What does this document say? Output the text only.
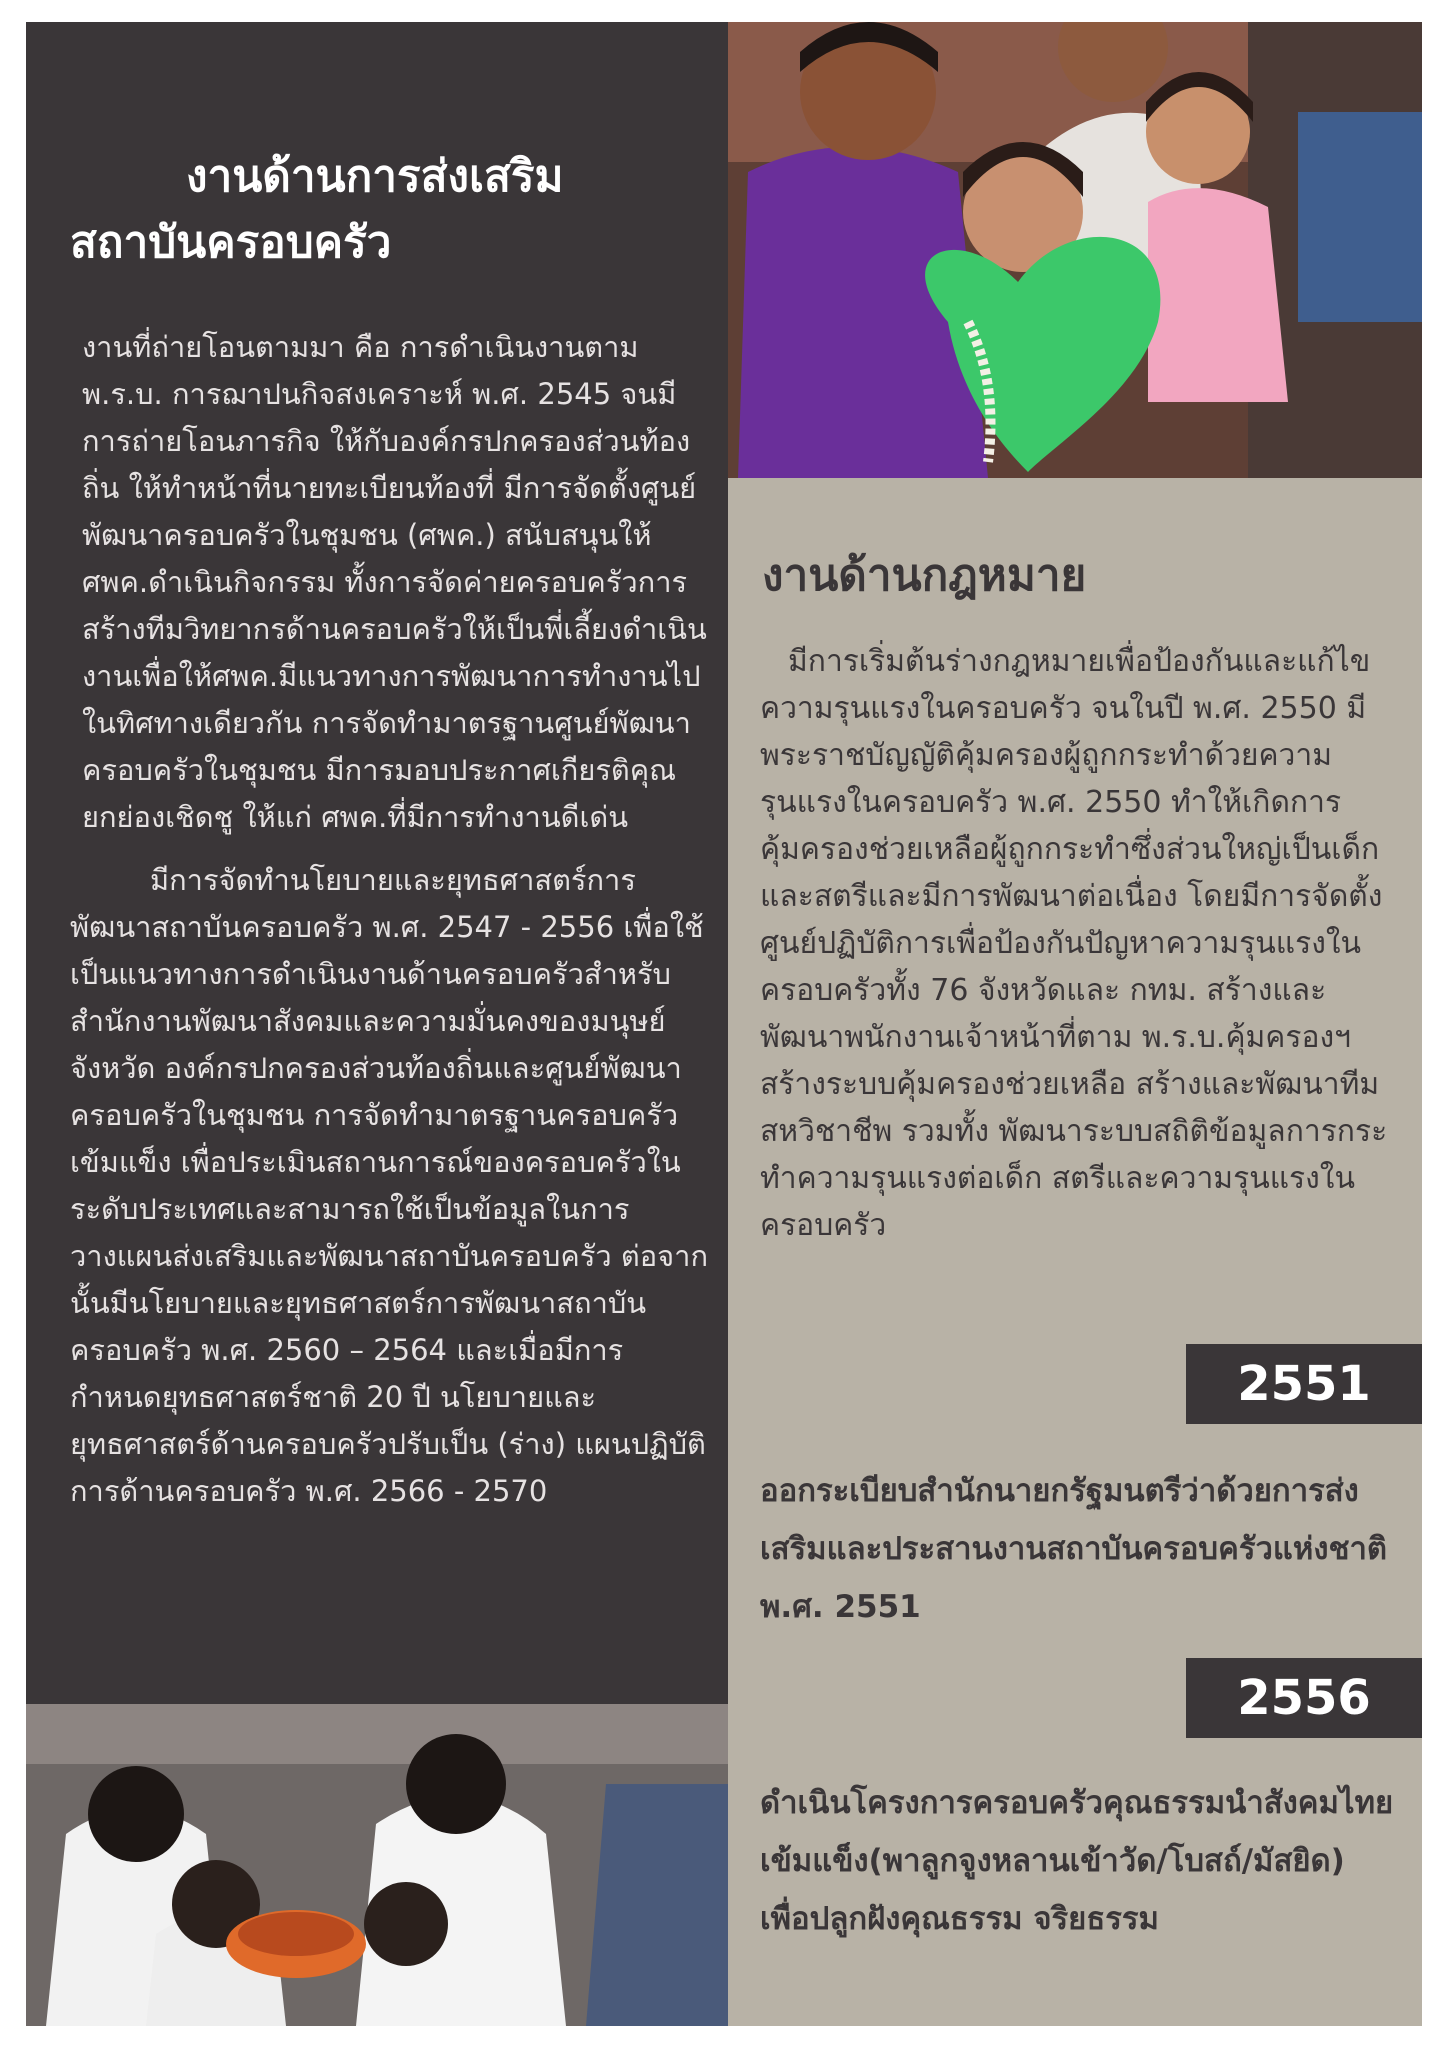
งานด้านการส่งเสริม
สถาบันครอบครัว

งานที่ถ่ายโอนตามมา คือ การดำเนินงานตาม พ.ร.บ. การฌาปนกิจสงเคราะห์ พ.ศ. 2545 จนมีการถ่ายโอนภารกิจ ให้กับองค์กรปกครองส่วนท้องถิ่น ให้ทำหน้าที่นายทะเบียนท้องที่ มีการจัดตั้งศูนย์พัฒนาครอบครัวในชุมชน (ศพค.) สนับสนุนให้ ศพค.ดำเนินกิจกรรม ทั้งการจัดค่ายครอบครัวการสร้างทีมวิทยากรด้านครอบครัวให้เป็นพี่เลี้ยงดำเนินงานเพื่อให้ศพค.มีแนวทางการพัฒนาการทำงานไปในทิศทางเดียวกัน การจัดทำมาตรฐานศูนย์พัฒนาครอบครัวในชุมชน มีการมอบประกาศเกียรติคุณยกย่องเชิดชู ให้แก่ ศพค.ที่มีการทำงานดีเด่น

มีการจัดทำนโยบายและยุทธศาสตร์การพัฒนาสถาบันครอบครัว พ.ศ. 2547 - 2556 เพื่อใช้เป็นแนวทางการดำเนินงานด้านครอบครัวสำหรับสำนักงานพัฒนาสังคมและความมั่นคงของมนุษย์จังหวัด องค์กรปกครองส่วนท้องถิ่นและศูนย์พัฒนาครอบครัวในชุมชน การจัดทำมาตรฐานครอบครัวเข้มแข็ง เพื่อประเมินสถานการณ์ของครอบครัวในระดับประเทศและสามารถใช้เป็นข้อมูลในการวางแผนส่งเสริมและพัฒนาสถาบันครอบครัว ต่อจากนั้นมีนโยบายและยุทธศาสตร์การพัฒนาสถาบันครอบครัว พ.ศ. 2560 – 2564 และเมื่อมีการกำหนดยุทธศาสตร์ชาติ 20 ปี นโยบายและยุทธศาสตร์ด้านครอบครัวปรับเป็น (ร่าง) แผนปฏิบัติการด้านครอบครัว พ.ศ. 2566 - 2570

งานด้านกฎหมาย

มีการเริ่มต้นร่างกฎหมายเพื่อป้องกันและแก้ไขความรุนแรงในครอบครัว จนในปี พ.ศ. 2550 มีพระราชบัญญัติคุ้มครองผู้ถูกกระทำด้วยความรุนแรงในครอบครัว พ.ศ. 2550 ทำให้เกิดการคุ้มครองช่วยเหลือผู้ถูกกระทำซึ่งส่วนใหญ่เป็นเด็กและสตรีและมีการพัฒนาต่อเนื่อง โดยมีการจัดตั้งศูนย์ปฏิบัติการเพื่อป้องกันปัญหาความรุนแรงในครอบครัวทั้ง 76 จังหวัดและ กทม. สร้างและพัฒนาพนักงานเจ้าหน้าที่ตาม พ.ร.บ.คุ้มครองฯ สร้างระบบคุ้มครองช่วยเหลือ สร้างและพัฒนาทีมสหวิชาชีพ รวมทั้ง พัฒนาระบบสถิติข้อมูลการกระทำความรุนแรงต่อเด็ก สตรีและความรุนแรงในครอบครัว

2551
ออกระเบียบสำนักนายกรัฐมนตรีว่าด้วยการส่งเสริมและประสานงานสถาบันครอบครัวแห่งชาติ พ.ศ. 2551
2556
ดำเนินโครงการครอบครัวคุณธรรมนำสังคมไทยเข้มแข็ง(พาลูกจูงหลานเข้าวัด/โบสถ์/มัสยิด) เพื่อปลูกฝังคุณธรรม จริยธรรม
